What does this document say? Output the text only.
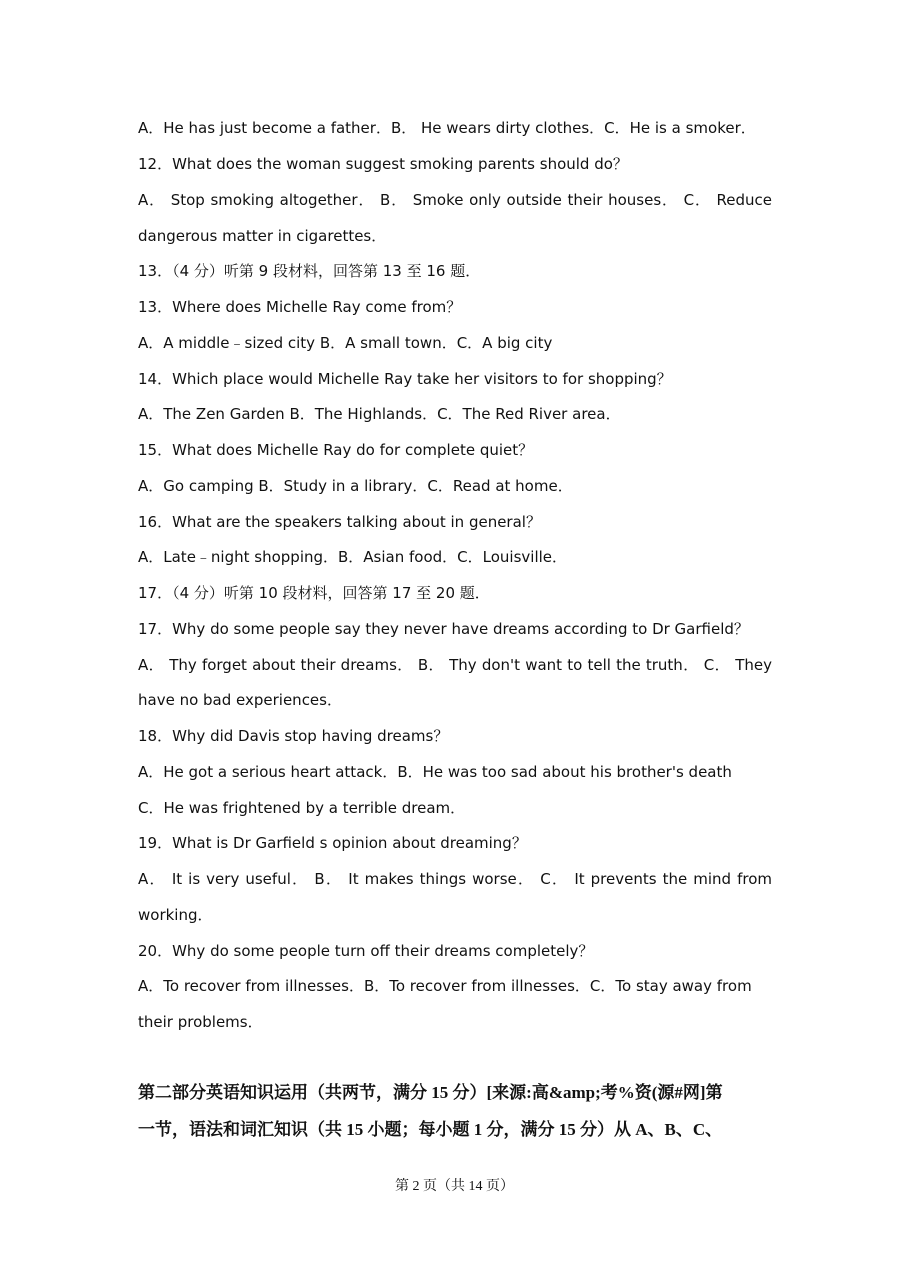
A．He has just become a father．B． He wears dirty clothes．C．He is a smoker．

12．What does the woman suggest smoking parents should do？

A． Stop smoking altogether． B． Smoke only outside their houses． C． Reduce

dangerous matter in cigarettes．

13．（4 分）听第 9 段材料，回答第 13 至 16 题．

13．Where does Michelle Ray come from？

A．A middle﹣sized city B．A small town．C．A big city

14．Which place would Michelle Ray take her visitors to for shopping？

A．The Zen Garden B．The Highlands．C．The Red River area．

15．What does Michelle Ray do for complete quiet？

A．Go camping B．Study in a library．C．Read at home．

16．What are the speakers talking about in general？

A．Late﹣night shopping．B．Asian food．C．Louisville．

17．（4 分）听第 10 段材料，回答第 17 至 20 题．

17．Why do some people say they never have dreams according to Dr Garfield？

A． Thy forget about their dreams． B． Thy don't want to tell the truth． C． They

have no bad experiences．

18．Why did Davis stop having dreams？

A．He got a serious heart attack．B．He was too sad about his brother's death

C．He was frightened by a terrible dream．

19．What is Dr Garfield s opinion about dreaming？

A． It is very useful． B． It makes things worse． C． It prevents the mind from

working．

20．Why do some people turn off their dreams completely？

A．To recover from illnesses．B．To recover from illnesses．C．To stay away from

their problems．

第二部分英语知识运用（共两节，满分 15 分）[来源:高&amp;考%资(源#网]第

一节，语法和词汇知识（共 15 小题；每小题 1 分，满分 15 分）从 A、B、C、

第 2 页（共 14 页）
